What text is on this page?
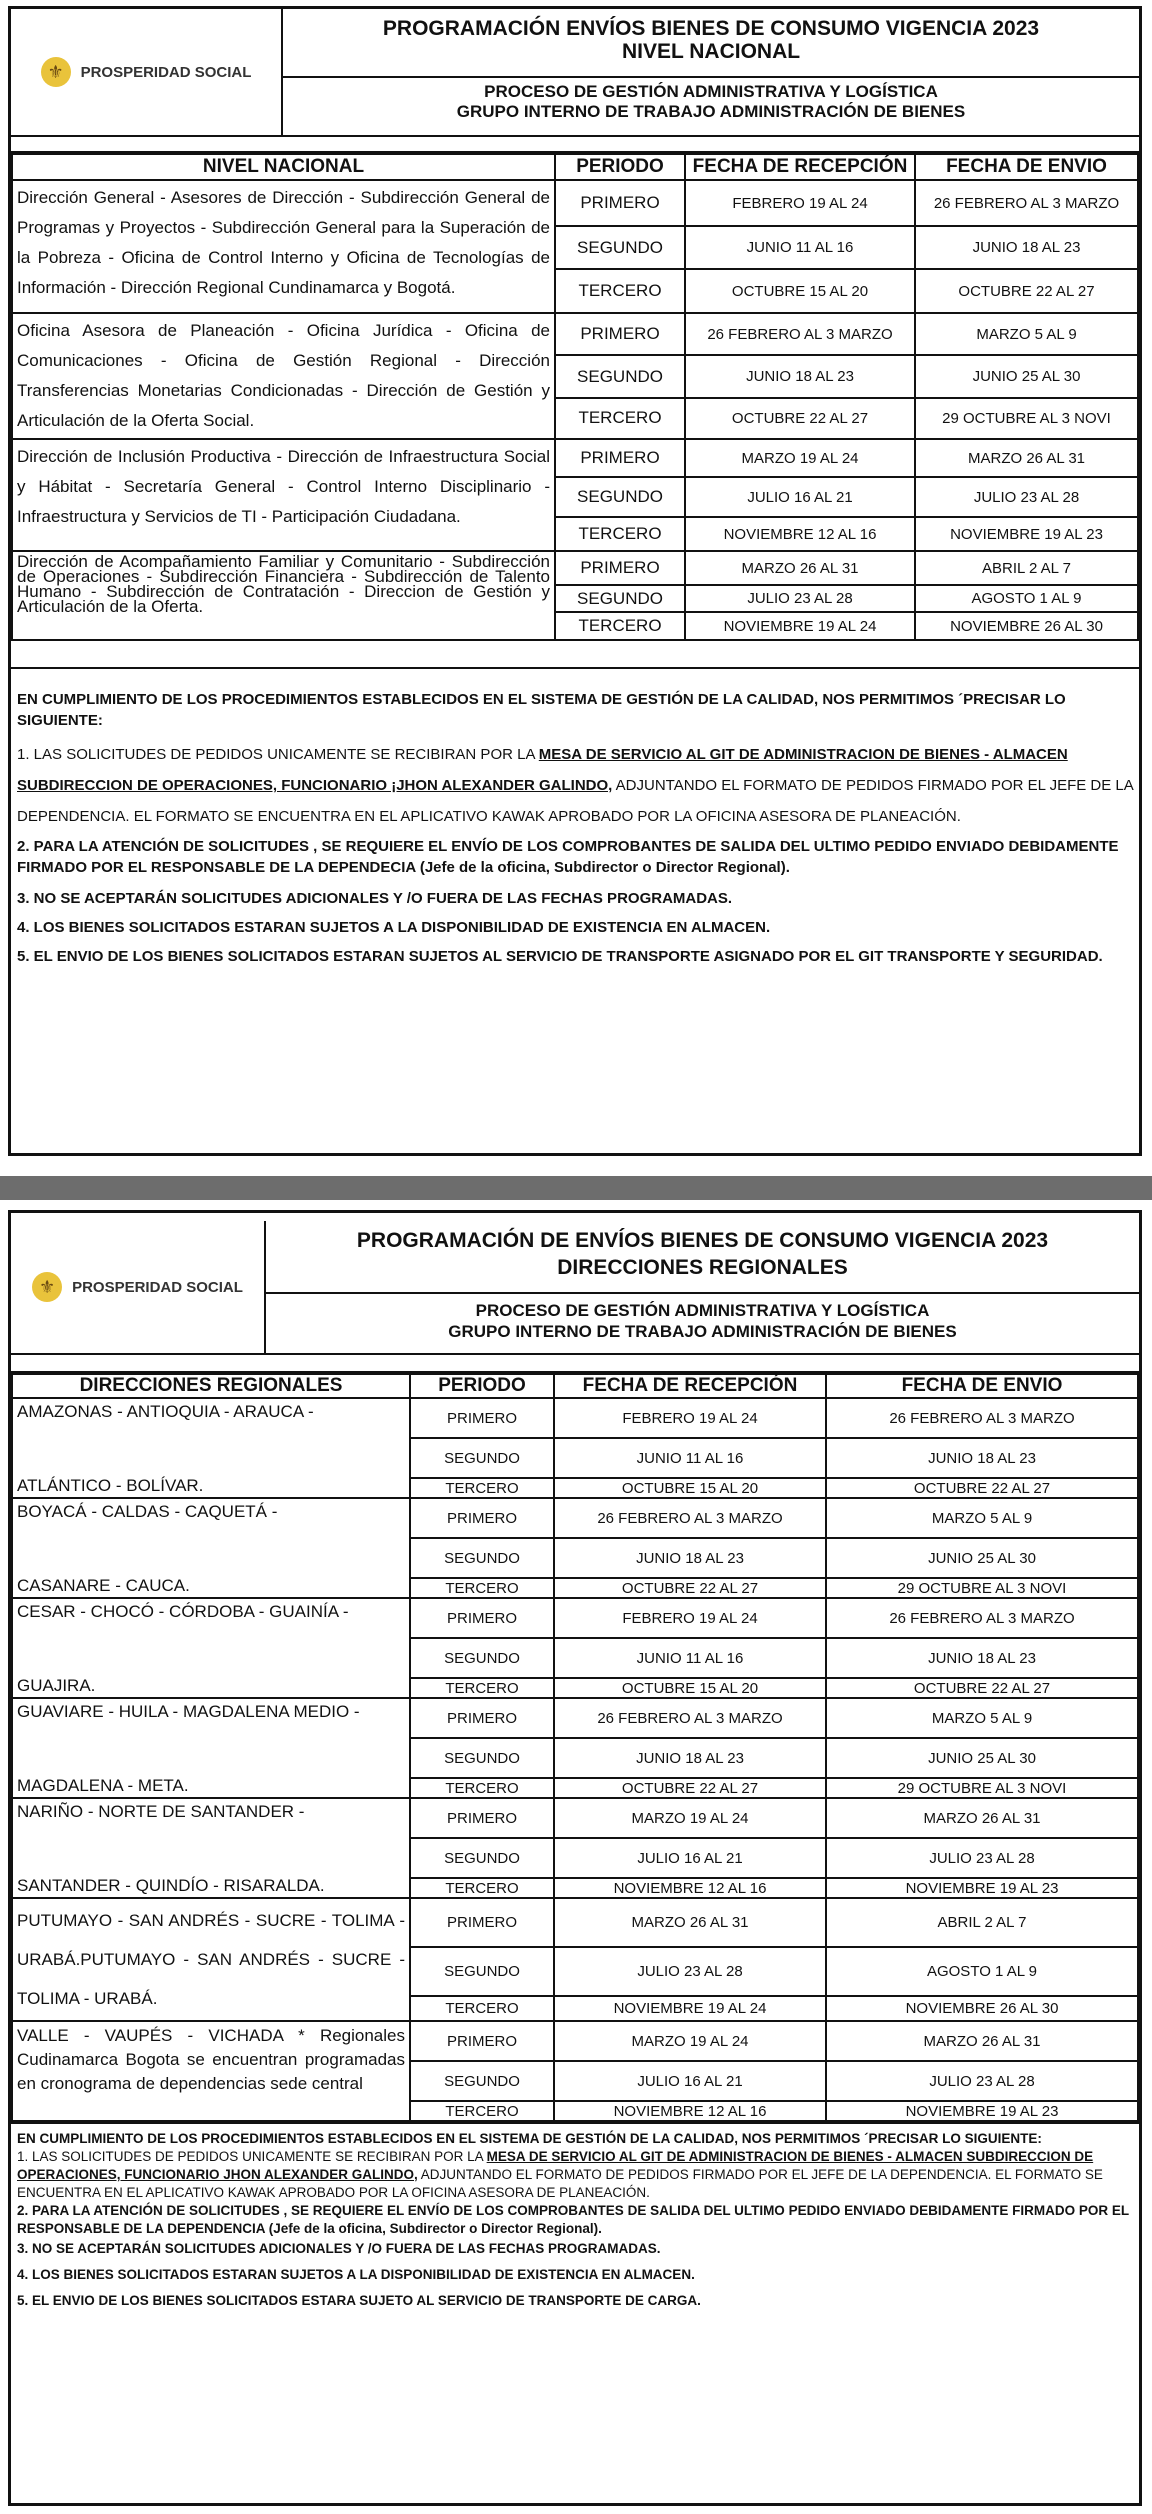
⚜	PROSPERIDAD SOCIAL
PROGRAMACIÓN ENVÍOS BIENES DE CONSUMO VIGENCIA 2023
NIVEL NACIONAL
PROCESO DE GESTIÓN ADMINISTRATIVA Y LOGÍSTICA
GRUPO INTERNO DE TRABAJO ADMINISTRACIÓN DE BIENES
NIVEL NACIONAL	PERIODO	FECHA DE RECEPCIÓN	FECHA DE ENVIO
Dirección General - Asesores de Dirección - Subdirección General de Programas y Proyectos - Subdirección General para la Superación de la Pobreza - Oficina de Control Interno y Oficina de Tecnologías de Información - Dirección Regional Cundinamarca y Bogotá.	PRIMERO	FEBRERO 19 AL 24	26 FEBRERO AL 3 MARZO
	SEGUNDO	JUNIO 11 AL 16	JUNIO 18 AL 23
	TERCERO	OCTUBRE 15 AL 20	OCTUBRE 22 AL 27
Oficina Asesora de Planeación - Oficina Jurídica - Oficina de Comunicaciones - Oficina de Gestión Regional - Dirección Transferencias Monetarias Condicionadas - Dirección de Gestión y Articulación de la Oferta Social.	PRIMERO	26 FEBRERO AL 3 MARZO	MARZO 5 AL 9
	SEGUNDO	JUNIO 18 AL 23	JUNIO 25 AL 30
	TERCERO	OCTUBRE 22 AL 27	29 OCTUBRE AL 3 NOVI
Dirección de Inclusión Productiva - Dirección de Infraestructura Social y Hábitat - Secretaría General - Control Interno Disciplinario - Infraestructura y Servicios de TI - Participación Ciudadana.	PRIMERO	MARZO 19 AL 24	MARZO 26 AL 31
	SEGUNDO	JULIO 16 AL 21	JULIO 23 AL 28
	TERCERO	NOVIEMBRE 12 AL 16	NOVIEMBRE 19 AL 23
Dirección de Acompañamiento Familiar y Comunitario - Subdirección de Operaciones - Subdirección Financiera - Subdirección de Talento Humano - Subdirección de Contratación - Direccion de Gestión y Articulación de la Oferta.	PRIMERO	MARZO 26 AL 31	ABRIL 2 AL 7
	SEGUNDO	JULIO 23 AL 28	AGOSTO 1 AL 9
	TERCERO	NOVIEMBRE 19 AL 24	NOVIEMBRE 26 AL 30

EN CUMPLIMIENTO DE LOS PROCEDIMIENTOS ESTABLECIDOS EN EL SISTEMA DE GESTIÓN DE LA CALIDAD, NOS PERMITIMOS ´PRECISAR LO SIGUIENTE:

1. LAS SOLICITUDES DE PEDIDOS UNICAMENTE SE RECIBIRAN POR LA MESA DE SERVICIO AL GIT DE ADMINISTRACION DE BIENES - ALMACEN SUBDIRECCION DE OPERACIONES, FUNCIONARIO ¡JHON ALEXANDER GALINDO, ADJUNTANDO EL FORMATO DE PEDIDOS FIRMADO POR EL JEFE DE LA DEPENDENCIA. EL FORMATO SE ENCUENTRA EN EL APLICATIVO KAWAK APROBADO POR LA OFICINA ASESORA DE PLANEACIÓN.

2. PARA LA ATENCIÓN DE SOLICITUDES , SE REQUIERE EL ENVÍO DE LOS COMPROBANTES DE SALIDA DEL ULTIMO PEDIDO ENVIADO DEBIDAMENTE FIRMADO POR EL RESPONSABLE DE LA DEPENDECIA (Jefe de la oficina, Subdirector o Director Regional).

3. NO SE ACEPTARÁN SOLICITUDES ADICIONALES Y /O FUERA DE LAS FECHAS PROGRAMADAS.

4. LOS BIENES SOLICITADOS ESTARAN SUJETOS A LA DISPONIBILIDAD DE EXISTENCIA EN ALMACEN.

5. EL ENVIO DE LOS BIENES SOLICITADOS ESTARAN SUJETOS AL SERVICIO DE TRANSPORTE ASIGNADO POR EL GIT TRANSPORTE Y SEGURIDAD.

⚜	PROSPERIDAD SOCIAL
PROGRAMACIÓN DE ENVÍOS BIENES DE CONSUMO VIGENCIA 2023
DIRECCIONES REGIONALES
PROCESO DE GESTIÓN ADMINISTRATIVA Y LOGÍSTICA
GRUPO INTERNO DE TRABAJO ADMINISTRACIÓN DE BIENES
DIRECCIONES REGIONALES	PERIODO	FECHA DE RECEPCIÓN	FECHA DE ENVIO

AMAZONAS - ANTIOQUIA - ARAUCA -
ATLÁNTICO - BOLÍVAR.	PRIMERO	FEBRERO 19 AL 24	26 FEBRERO AL 3 MARZO
	SEGUNDO	JUNIO 11 AL 16	JUNIO 18 AL 23
	TERCERO	OCTUBRE 15 AL 20	OCTUBRE 22 AL 27

BOYACÁ - CALDAS - CAQUETÁ -
CASANARE - CAUCA.	PRIMERO	26 FEBRERO AL 3 MARZO	MARZO 5 AL 9
	SEGUNDO	JUNIO 18 AL 23	JUNIO 25 AL 30
	TERCERO	OCTUBRE 22 AL 27	29 OCTUBRE AL 3 NOVI

CESAR - CHOCÓ - CÓRDOBA - GUAINÍA -
GUAJIRA.	PRIMERO	FEBRERO 19 AL 24	26 FEBRERO AL 3 MARZO
	SEGUNDO	JUNIO 11 AL 16	JUNIO 18 AL 23
	TERCERO	OCTUBRE 15 AL 20	OCTUBRE 22 AL 27

GUAVIARE - HUILA - MAGDALENA MEDIO -
MAGDALENA - META.	PRIMERO	26 FEBRERO AL 3 MARZO	MARZO 5 AL 9
	SEGUNDO	JUNIO 18 AL 23	JUNIO 25 AL 30
	TERCERO	OCTUBRE 22 AL 27	29 OCTUBRE AL 3 NOVI

NARIÑO - NORTE DE SANTANDER -
SANTANDER - QUINDÍO - RISARALDA.	PRIMERO	MARZO 19 AL 24	MARZO 26 AL 31
	SEGUNDO	JULIO 16 AL 21	JULIO 23 AL 28
	TERCERO	NOVIEMBRE 12 AL 16	NOVIEMBRE 19 AL 23

PUTUMAYO - SAN ANDRÉS - SUCRE - TOLIMA - URABÁ.PUTUMAYO - SAN ANDRÉS - SUCRE - TOLIMA - URABÁ.	PRIMERO	MARZO 26 AL 31	ABRIL 2 AL 7
	SEGUNDO	JULIO 23 AL 28	AGOSTO 1 AL 9
	TERCERO	NOVIEMBRE 19 AL 24	NOVIEMBRE 26 AL 30

VALLE - VAUPÉS - VICHADA * Regionales Cudinamarca Bogota se encuentran programadas en cronograma de dependencias sede central	PRIMERO	MARZO 19 AL 24	MARZO 26 AL 31
	SEGUNDO	JULIO 16 AL 21	JULIO 23 AL 28
	TERCERO	NOVIEMBRE 12 AL 16	NOVIEMBRE 19 AL 23

EN CUMPLIMIENTO DE LOS PROCEDIMIENTOS ESTABLECIDOS EN EL SISTEMA DE GESTIÓN DE LA CALIDAD, NOS PERMITIMOS ´PRECISAR LO SIGUIENTE:

1. LAS SOLICITUDES DE PEDIDOS UNICAMENTE SE RECIBIRAN POR LA MESA DE SERVICIO AL GIT DE ADMINISTRACION DE BIENES - ALMACEN SUBDIRECCION DE OPERACIONES, FUNCIONARIO JHON ALEXANDER GALINDO, ADJUNTANDO EL FORMATO DE PEDIDOS FIRMADO POR EL JEFE DE LA DEPENDENCIA. EL FORMATO SE ENCUENTRA EN EL APLICATIVO KAWAK APROBADO POR LA OFICINA ASESORA DE PLANEACIÓN.

2. PARA LA ATENCIÓN DE SOLICITUDES , SE REQUIERE EL ENVÍO DE LOS COMPROBANTES DE SALIDA DEL ULTIMO PEDIDO ENVIADO DEBIDAMENTE FIRMADO POR EL RESPONSABLE DE LA DEPENDENCIA (Jefe de la oficina, Subdirector o Director Regional).

3. NO SE ACEPTARÁN SOLICITUDES ADICIONALES Y /O FUERA DE LAS FECHAS PROGRAMADAS.

4. LOS BIENES SOLICITADOS ESTARAN SUJETOS A LA DISPONIBILIDAD DE EXISTENCIA EN ALMACEN.

5. EL ENVIO DE LOS BIENES SOLICITADOS ESTARA SUJETO AL SERVICIO DE TRANSPORTE DE CARGA.
